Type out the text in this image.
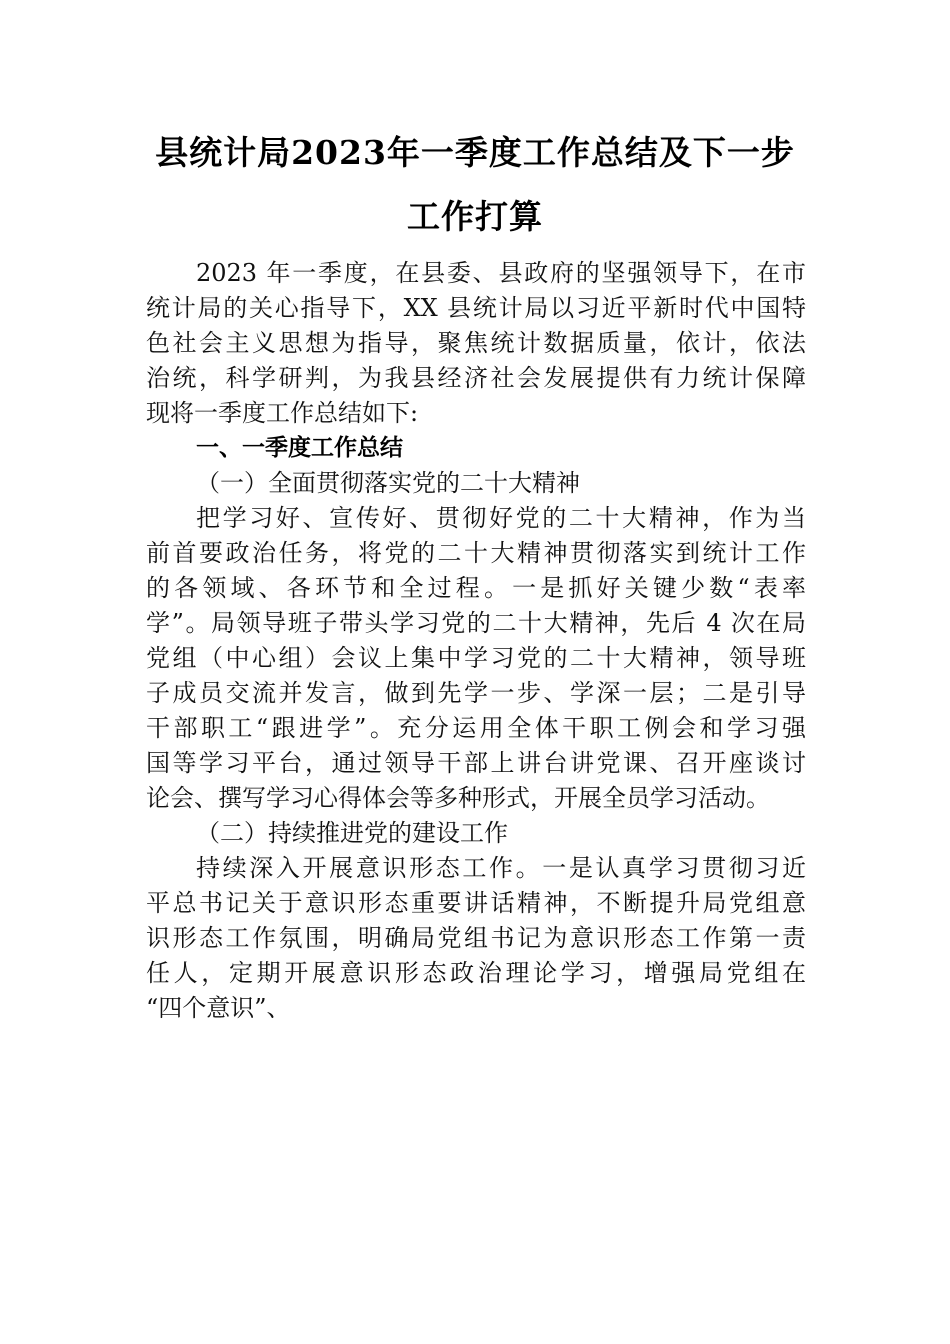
县统计局2023年一季度工作总结及下一步
工作打算
2023 年一季度，在县委、县政府的坚强领导下，在市
统计局的关心指导下，XX 县统计局以习近平新时代中国特
色社会主义思想为指导，聚焦统计数据质量，依计，依法
治统，科学研判，为我县经济社会发展提供有力统计保障
现将一季度工作总结如下:
一、一季度工作总结
（一）全面贯彻落实党的二十大精神
把学习好、宣传好、贯彻好党的二十大精神，作为当
前首要政治任务，将党的二十大精神贯彻落实到统计工作
的各领域、各环节和全过程。一是抓好关键少数“表率
学”。局领导班子带头学习党的二十大精神，先后 4 次在局
党组（中心组）会议上集中学习党的二十大精神，领导班
子成员交流并发言，做到先学一步、学深一层；二是引导
干部职工“跟进学”。充分运用全体干职工例会和学习强
国等学习平台，通过领导干部上讲台讲党课、召开座谈讨
论会、撰写学习心得体会等多种形式，开展全员学习活动。
（二）持续推进党的建设工作
持续深入开展意识形态工作。一是认真学习贯彻习近
平总书记关于意识形态重要讲话精神，不断提升局党组意
识形态工作氛围，明确局党组书记为意识形态工作第一责
任人，定期开展意识形态政治理论学习，增强局党组在
“四个意识”、
